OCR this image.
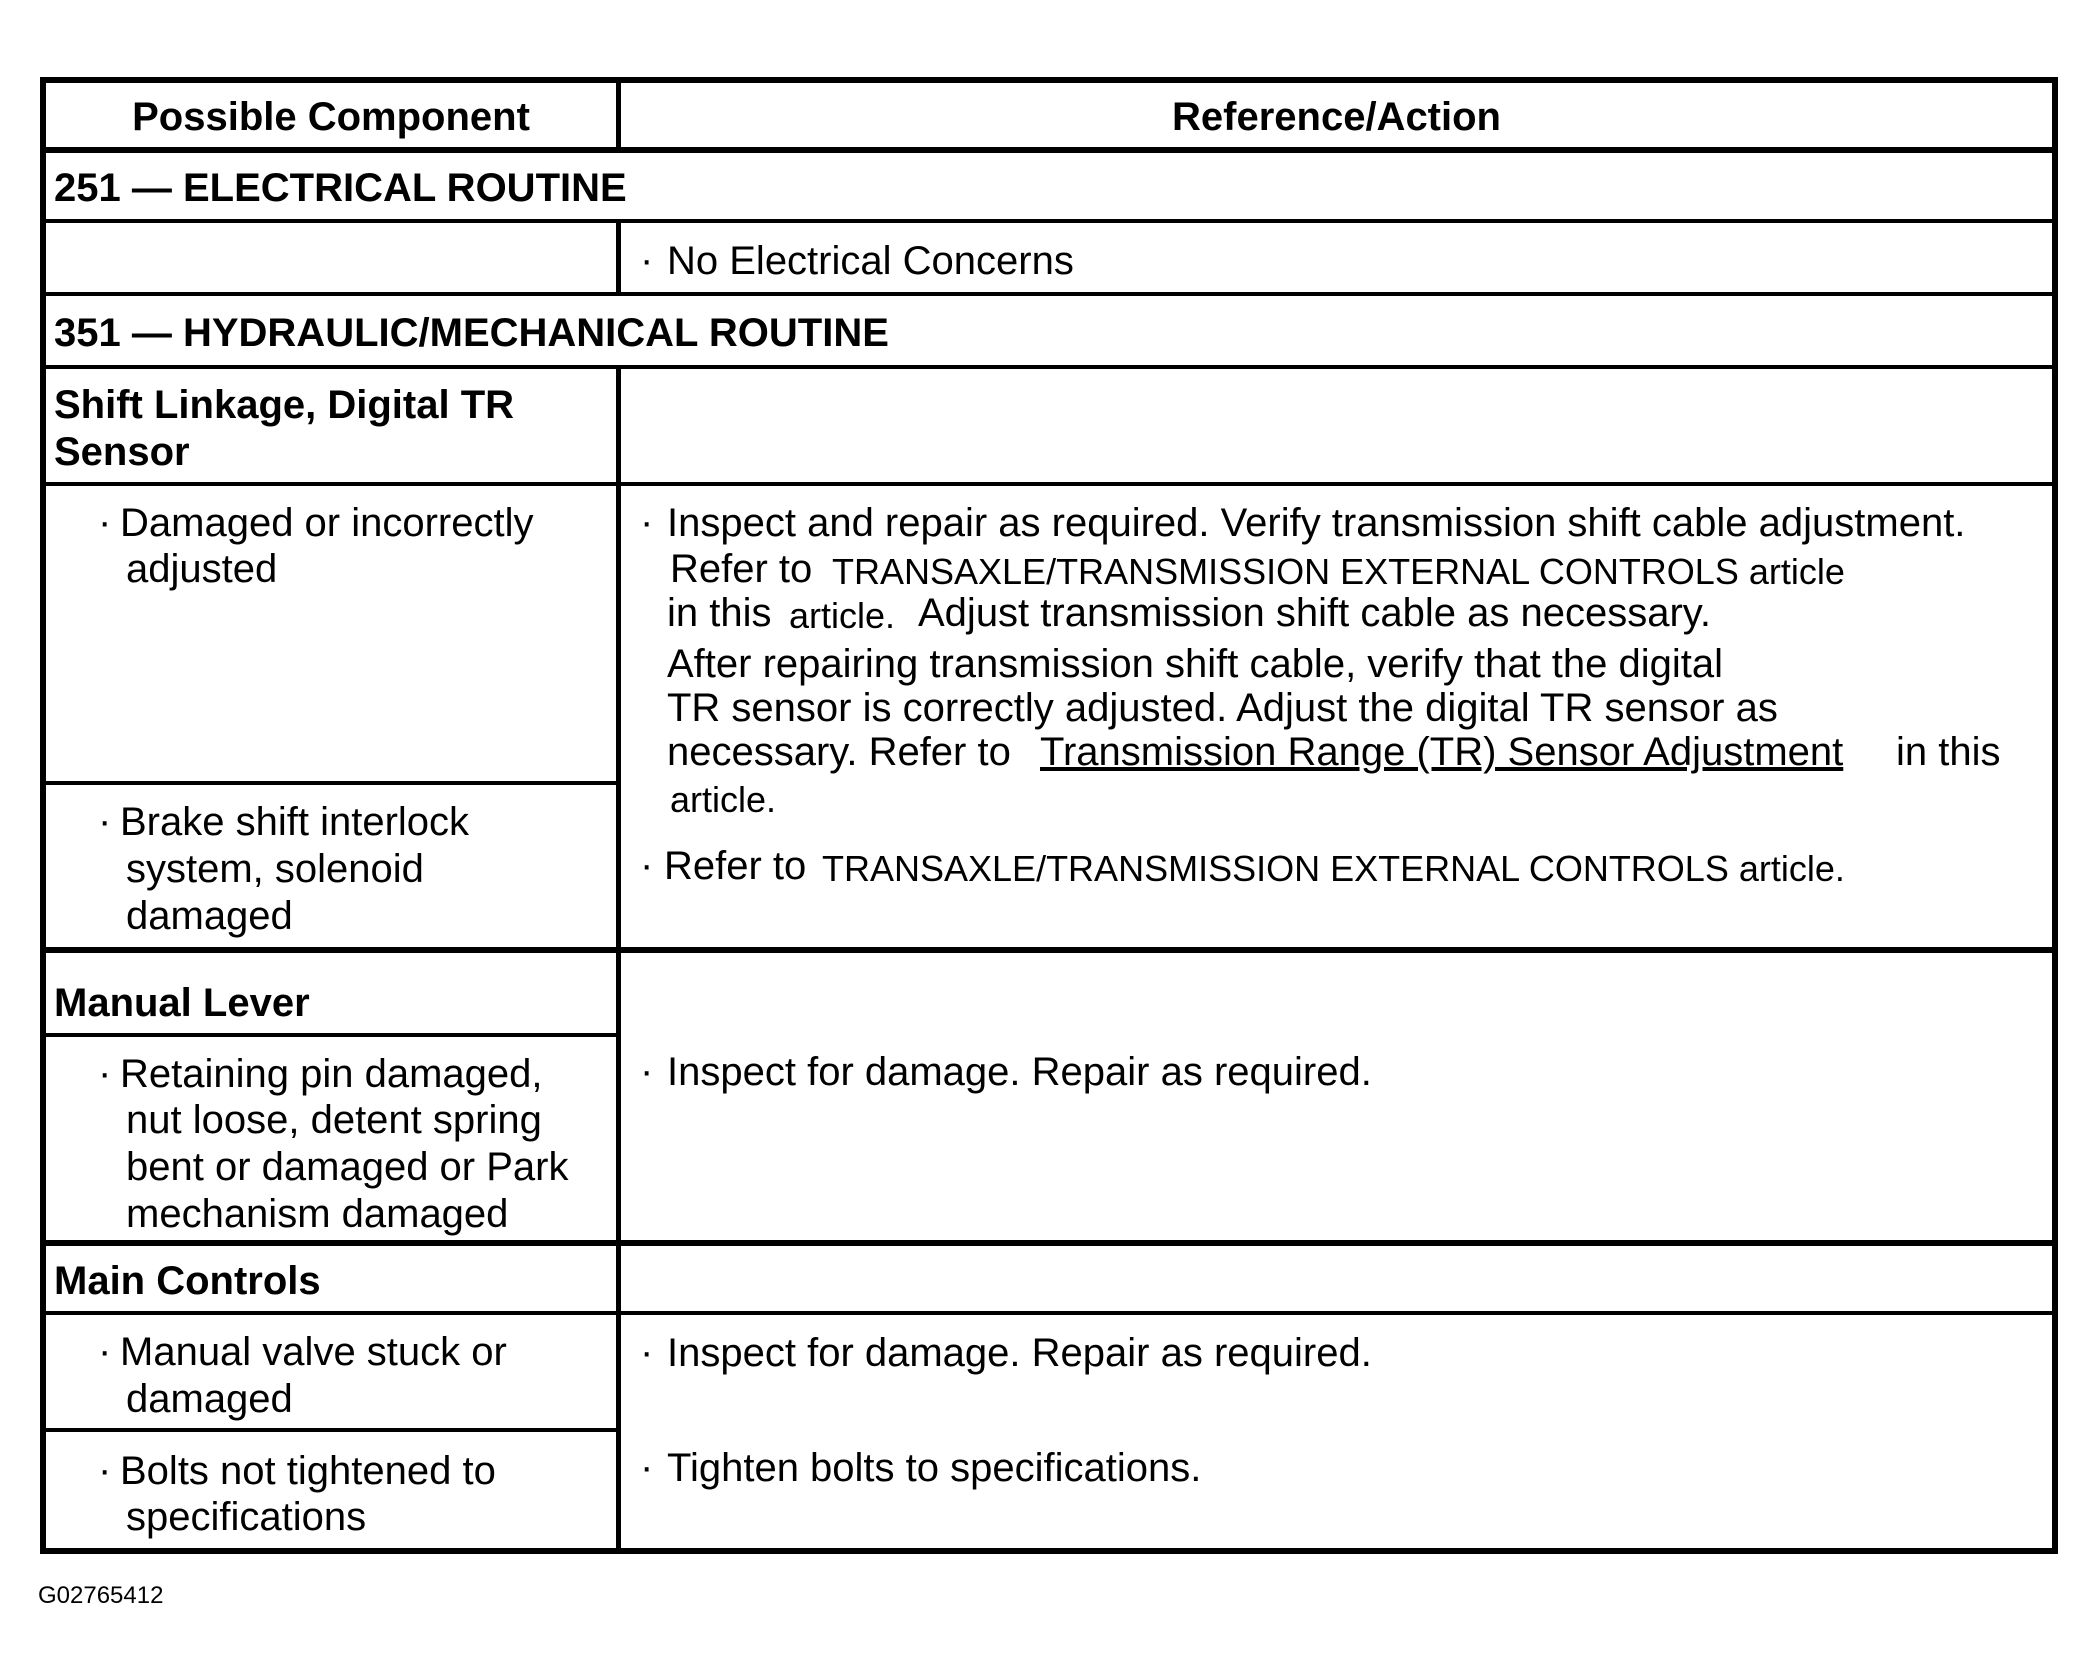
Possible Component	Reference/Action
251 — ELECTRICAL ROUTINE
· No Electrical Concerns
351 — HYDRAULIC/MECHANICAL ROUTINE
Shift Linkage, Digital TR
Sensor
· Damaged or incorrectly
adjusted
· Inspect and repair as required. Verify transmission shift cable adjustment.
Refer to TRANSAXLE/TRANSMISSION EXTERNAL CONTROLS article
in this article. Adjust transmission shift cable as necessary.
After repairing transmission shift cable, verify that the digital
TR sensor is correctly adjusted. Adjust the digital TR sensor as
necessary. Refer to Transmission Range (TR) Sensor Adjustment in this
article.
· Brake shift interlock
system, solenoid
damaged
· Refer to TRANSAXLE/TRANSMISSION EXTERNAL CONTROLS article.
Manual Lever
· Retaining pin damaged,
nut loose, detent spring
bent or damaged or Park
mechanism damaged
· Inspect for damage. Repair as required.
Main Controls
· Manual valve stuck or
damaged
· Inspect for damage. Repair as required.
· Bolts not tightened to
specifications
· Tighten bolts to specifications.
G02765412
